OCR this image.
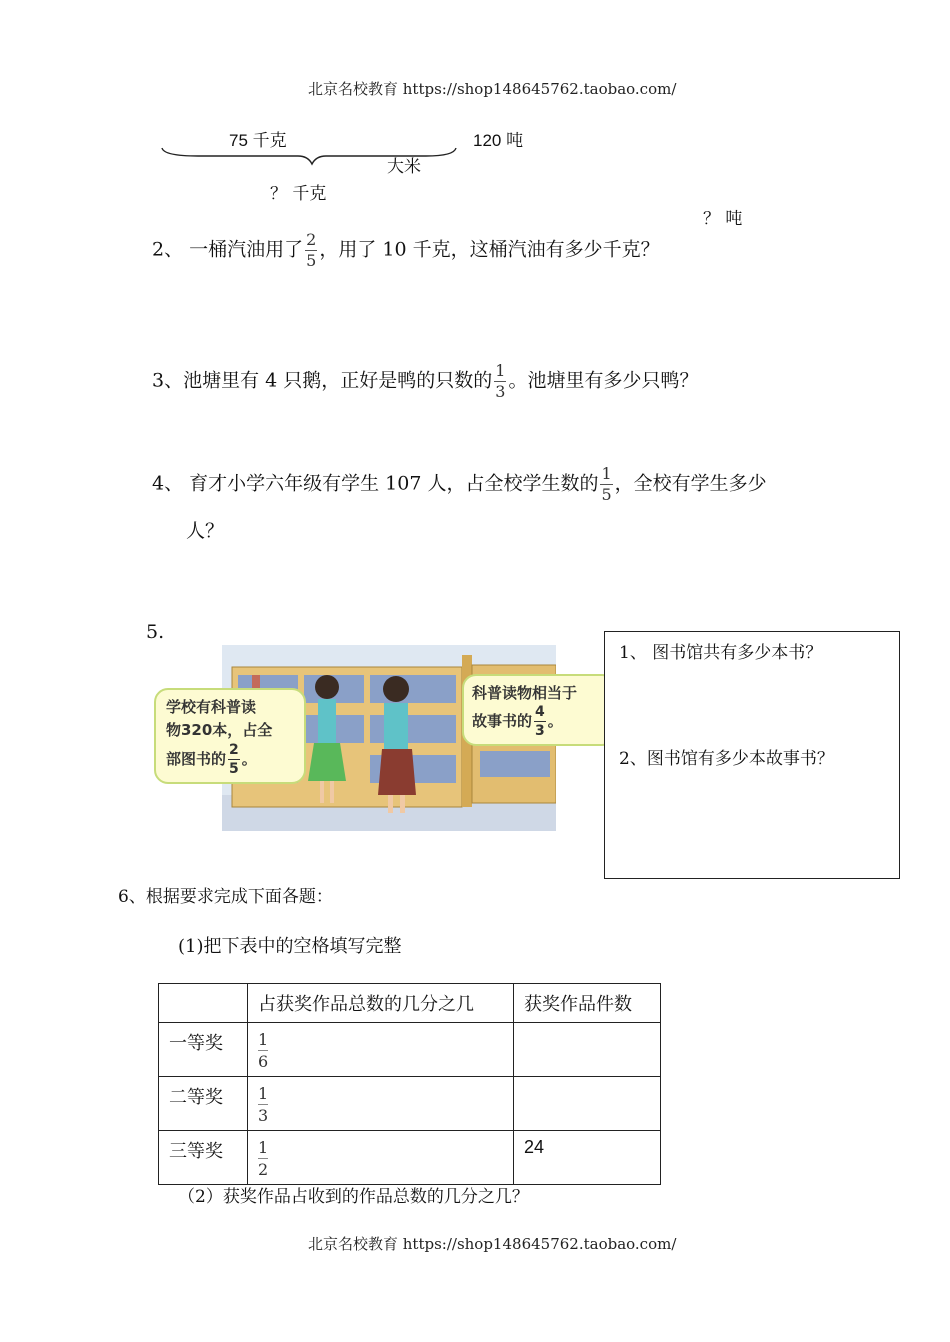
北京名校教育 https://shop148645762.taobao.com/
75 千克	120 吨
大米
？ 千克
？ 吨
2、 一桶汽油用了 $\frac{2}{5}$ ，用了 10 千克，这桶汽油有多少千克？
3、池塘里有 4 只鹅，正好是鸭的只数的 $\frac{1}{3}$ 。池塘里有多少只鸭？
4、 育才小学六年级有学生 107 人，占全校学生数的 $\frac{1}{5}$ ，全校有学生多少
人？
5.
学校有科普读
物320本，占全
部图书的 $\frac{2}{5}$ 。
科普读物相当于
故事书的 $\frac{4}{3}$ 。
1、 图书馆共有多少本书？
2、图书馆有多少本故事书？
6、根据要求完成下面各题：
(1)把下表中的空格填写完整
	占获奖作品总数的几分之几	获奖作品件数
一等奖	$\frac{1}{6}$

二等奖	$\frac{1}{3}$

三等奖	$\frac{1}{2}$	24
（2）获奖作品占收到的作品总数的几分之几？
北京名校教育 https://shop148645762.taobao.com/
